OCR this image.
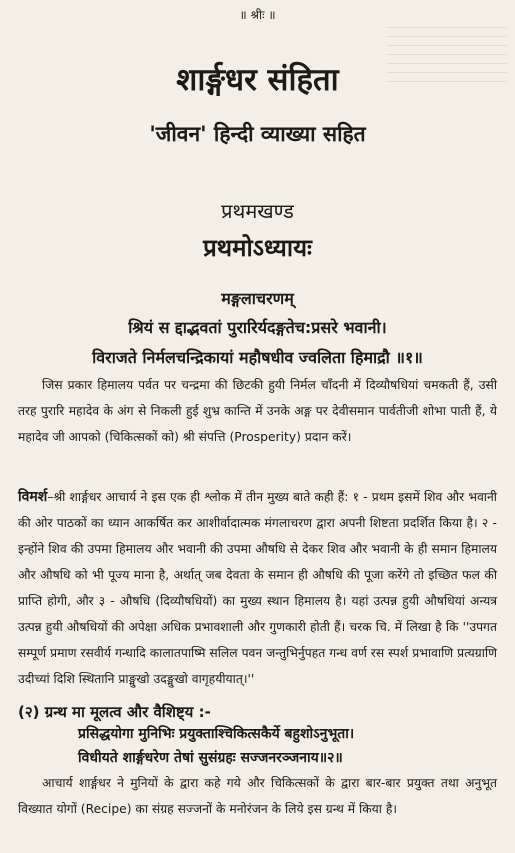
॥ श्रीः ॥
शार्ङ्गधर संहिता
'जीवन' हिन्दी व्याख्या सहित
प्रथमखण्ड
प्रथमोऽध्यायः
मङ्गलाचरणम्
श्रियं स द्दाद्भवतां पुरारिर्यदङ्गतेच:प्रसरे भवानी।
विराजते निर्मलचन्द्रिकायां महौषधीव ज्वलिता हिमाद्रौ ॥१॥
जिस प्रकार हिमालय पर्वत पर चन्द्रमा की छिटकी हुयी निर्मल चाँदनी में दिव्यौषधियां चमकती हैं, उसी तरह पुरारि महादेव के अंग से निकली हुई शुभ्र कान्ति में उनके अङ्ग पर देवीसमान पार्वतीजी शोभा पाती हैं, ये महादेव जी आपको (चिकित्सकों को) श्री संपत्ति (Prosperity) प्रदान करें।
विमर्श–श्री शार्ङ्गधर आचार्य ने इस एक ही श्लोक में तीन मुख्य बाते कही हैं: १ - प्रथम इसमें शिव और भवानी की ओर पाठकों का ध्यान आकर्षित कर आशीर्वादात्मक मंगलाचरण द्वारा अपनी शिष्टता प्रदर्शित किया है। २ - इन्होंने शिव की उपमा हिमालय और भवानी की उपमा औषधि से देकर शिव और भवानी के ही समान हिमालय और औषधि को भी पूज्य माना है, अर्थात् जब देवता के समान ही औषधि की पूजा करेंगे तो इच्छित फल की प्राप्ति होगी, और ३ - औषधि (दिव्यौषधियों) का मुख्य स्थान हिमालय है। यहां उत्पन्न हुयी औषधियां अन्यत्र उत्पन्न हुयी औषधियों की अपेक्षा अधिक प्रभावशाली और गुणकारी होती हैं। चरक चि. में लिखा है कि ''उपगत सम्पूर्ण प्रमाण रसवीर्य गन्धादि कालातपाष्मि सलिल पवन जन्तुभिर्नुपहत गन्ध वर्ण रस स्पर्श प्रभावाणि प्रत्यग्राणि उदीच्यां दिशि स्थितानि प्राङ्मुखो उदङ्मुखो वागृहयीयात्।''
(२) ग्रन्थ मा मूलत्व और वैशिष्ट्य :-
प्रसिद्धयोगा मुनिभिः प्रयुक्ताश्चिकित्सकैर्ये बहुशोऽनुभूता।
विधीयते शार्ङ्गधरेण तेषां सुसंग्रहः सज्जनरञ्जनाय॥२॥
आचार्य शार्ङ्गधर ने मुनियों के द्वारा कहे गये और चिकित्सकों के द्वारा बार-बार प्रयुक्त तथा अनुभूत विख्यात योगों (Recipe) का संग्रह सज्जनों के मनोरंजन के लिये इस ग्रन्थ में किया है।
